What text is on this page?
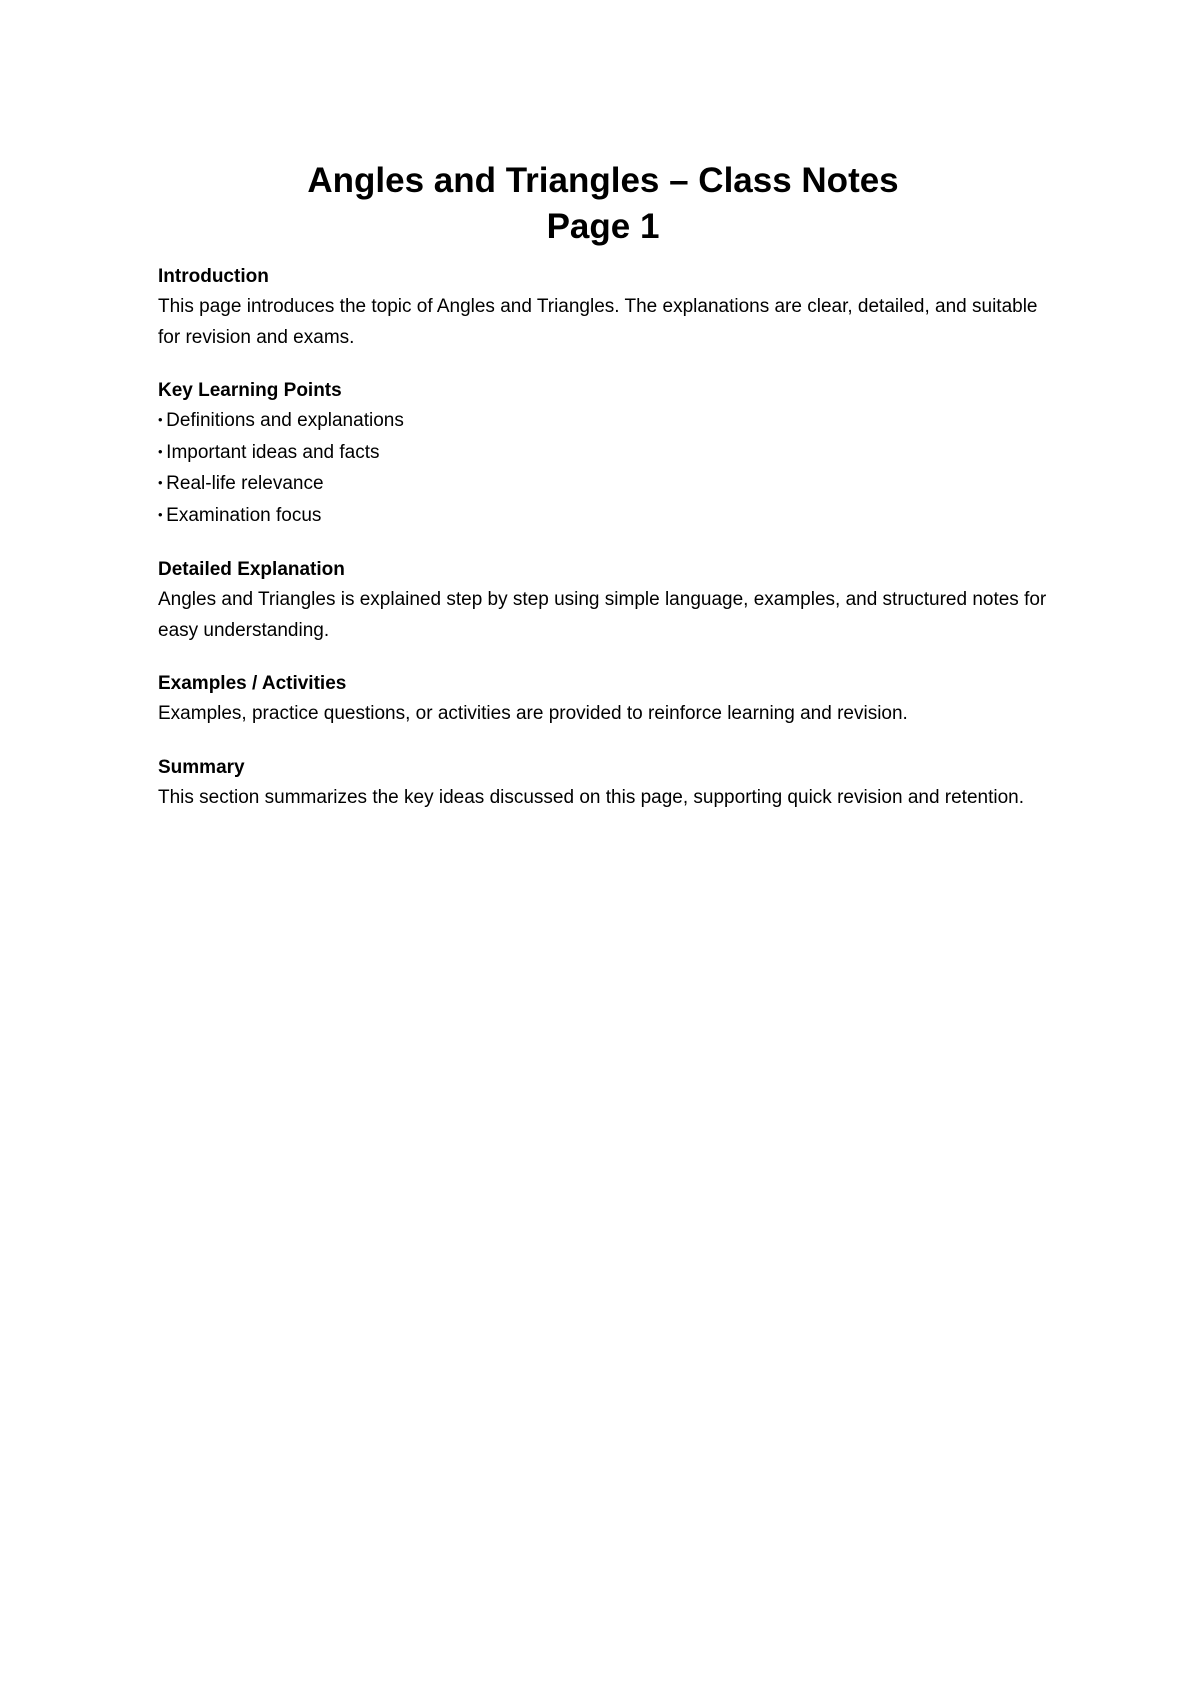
Angles and Triangles – Class Notes
Page 1

Introduction

This page introduces the topic of Angles and Triangles. The explanations are clear, detailed, and suitable for revision and exams.

Key Learning Points

• Definitions and explanations
• Important ideas and facts
• Real-life relevance
• Examination focus

Detailed Explanation

Angles and Triangles is explained step by step using simple language, examples, and structured notes for easy understanding.

Examples / Activities

Examples, practice questions, or activities are provided to reinforce learning and revision.

Summary

This section summarizes the key ideas discussed on this page, supporting quick revision and retention.
